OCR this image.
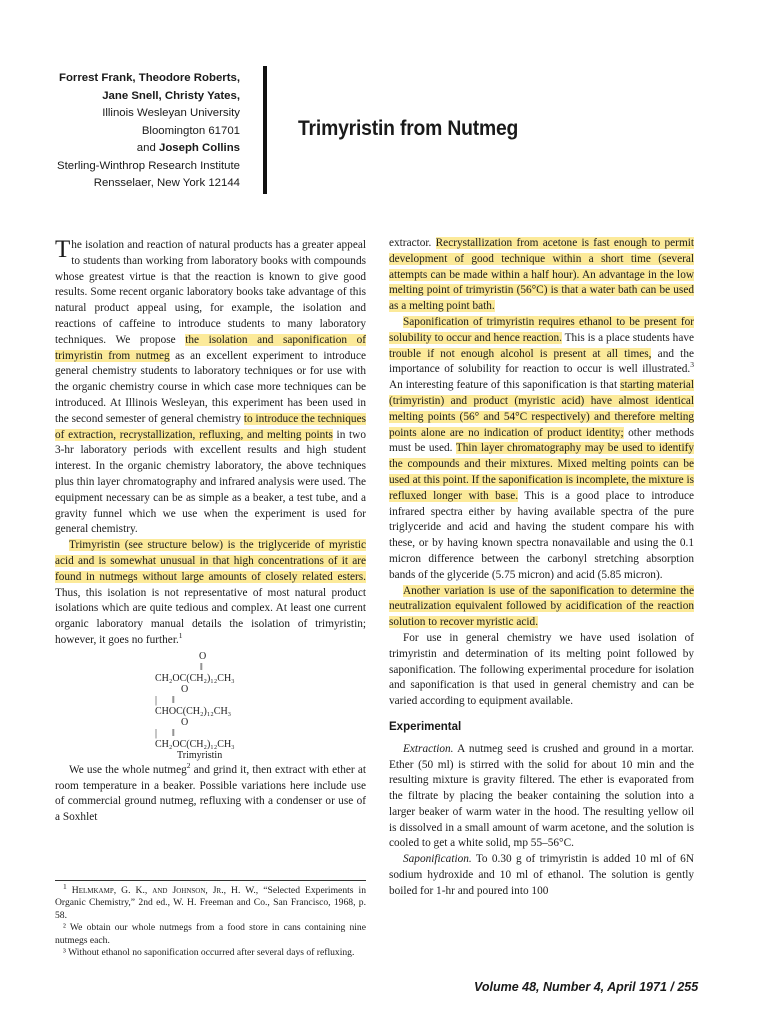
Forrest Frank, Theodore Roberts,
Jane Snell, Christy Yates,
Illinois Wesleyan University
Bloomington 61701
and Joseph Collins
Sterling-Winthrop Research Institute
Rensselaer, New York 12144
Trimyristin from Nutmeg

The isolation and reaction of natural products has a greater appeal to students than working from laboratory books with compounds whose greatest virtue is that the reaction is known to give good results. Some recent organic laboratory books take advantage of this natural product appeal using, for example, the isolation and reactions of caffeine to introduce students to many laboratory techniques. We propose the isolation and saponification of trimyristin from nutmeg as an excellent experiment to introduce general chemistry students to laboratory techniques or for use with the organic chemistry course in which case more techniques can be introduced. At Illinois Wesleyan, this experiment has been used in the second semester of general chemistry to introduce the techniques of extraction, recrystallization, refluxing, and melting points in two 3-hr laboratory periods with excellent results and high student interest. In the organic chemistry laboratory, the above techniques plus thin layer chromatography and infrared analysis were used. The equipment necessary can be as simple as a beaker, a test tube, and a gravity funnel which we use when the experiment is used for general chemistry.

Trimyristin (see structure below) is the triglyceride of myristic acid and is somewhat unusual in that high concentrations of it are found in nutmegs without large amounts of closely related esters. Thus, this isolation is not representative of most natural product isolations which are quite tedious and complex. At least one current organic laboratory manual details the isolation of trimyristin; however, it goes no further.$^1$

O
‖
CH₂OC(CH₂)₁₂CH₃
O
|      ‖
CHOC(CH₂)₁₂CH₃
O
|      ‖
CH₂OC(CH₂)₁₂CH₃
Trimyristin

We use the whole nutmeg$^2$ and grind it, then extract with ether at room temperature in a beaker. Possible variations here include use of commercial ground nutmeg, refluxing with a condenser or use of a Soxhlet

$^1$ Helmkamp, G. K., and Johnson, Jr., H. W., “Selected Experiments in Organic Chemistry,” 2nd ed., W. H. Freeman and Co., San Francisco, 1968, p. 58.

² We obtain our whole nutmegs from a food store in cans containing nine nutmegs each.

³ Without ethanol no saponification occurred after several days of refluxing.

extractor. Recrystallization from acetone is fast enough to permit development of good technique within a short time (several attempts can be made within a half hour). An advantage in the low melting point of trimyristin (56°C) is that a water bath can be used as a melting point bath.

Saponification of trimyristin requires ethanol to be present for solubility to occur and hence reaction. This is a place students have trouble if not enough alcohol is present at all times, and the importance of solubility for reaction to occur is well illustrated.$^3$ An interesting feature of this saponification is that starting material (trimyristin) and product (myristic acid) have almost identical melting points (56° and 54°C respectively) and therefore melting points alone are no indication of product identity; other methods must be used. Thin layer chromatography may be used to identify the compounds and their mixtures. Mixed melting points can be used at this point. If the saponification is incomplete, the mixture is refluxed longer with base. This is a good place to introduce infrared spectra either by having available spectra of the pure triglyceride and acid and having the student compare his with these, or by having known spectra nonavailable and using the 0.1 micron difference between the carbonyl stretching absorption bands of the glyceride (5.75 micron) and acid (5.85 micron).

Another variation is use of the saponification to determine the neutralization equivalent followed by acidification of the reaction solution to recover myristic acid.

For use in general chemistry we have used isolation of trimyristin and determination of its melting point followed by saponification. The following experimental procedure for isolation and saponification is that used in general chemistry and can be varied according to equipment available.

Experimental

Extraction. A nutmeg seed is crushed and ground in a mortar. Ether (50 ml) is stirred with the solid for about 10 min and the resulting mixture is gravity filtered. The ether is evaporated from the filtrate by placing the beaker containing the solution into a larger beaker of warm water in the hood. The resulting yellow oil is dissolved in a small amount of warm acetone, and the solution is cooled to get a white solid, mp 55–56°C.

Saponification. To 0.30 g of trimyristin is added 10 ml of 6N sodium hydroxide and 10 ml of ethanol. The solution is gently boiled for 1-hr and poured into 100

Volume 48, Number 4, April 1971 / 255
